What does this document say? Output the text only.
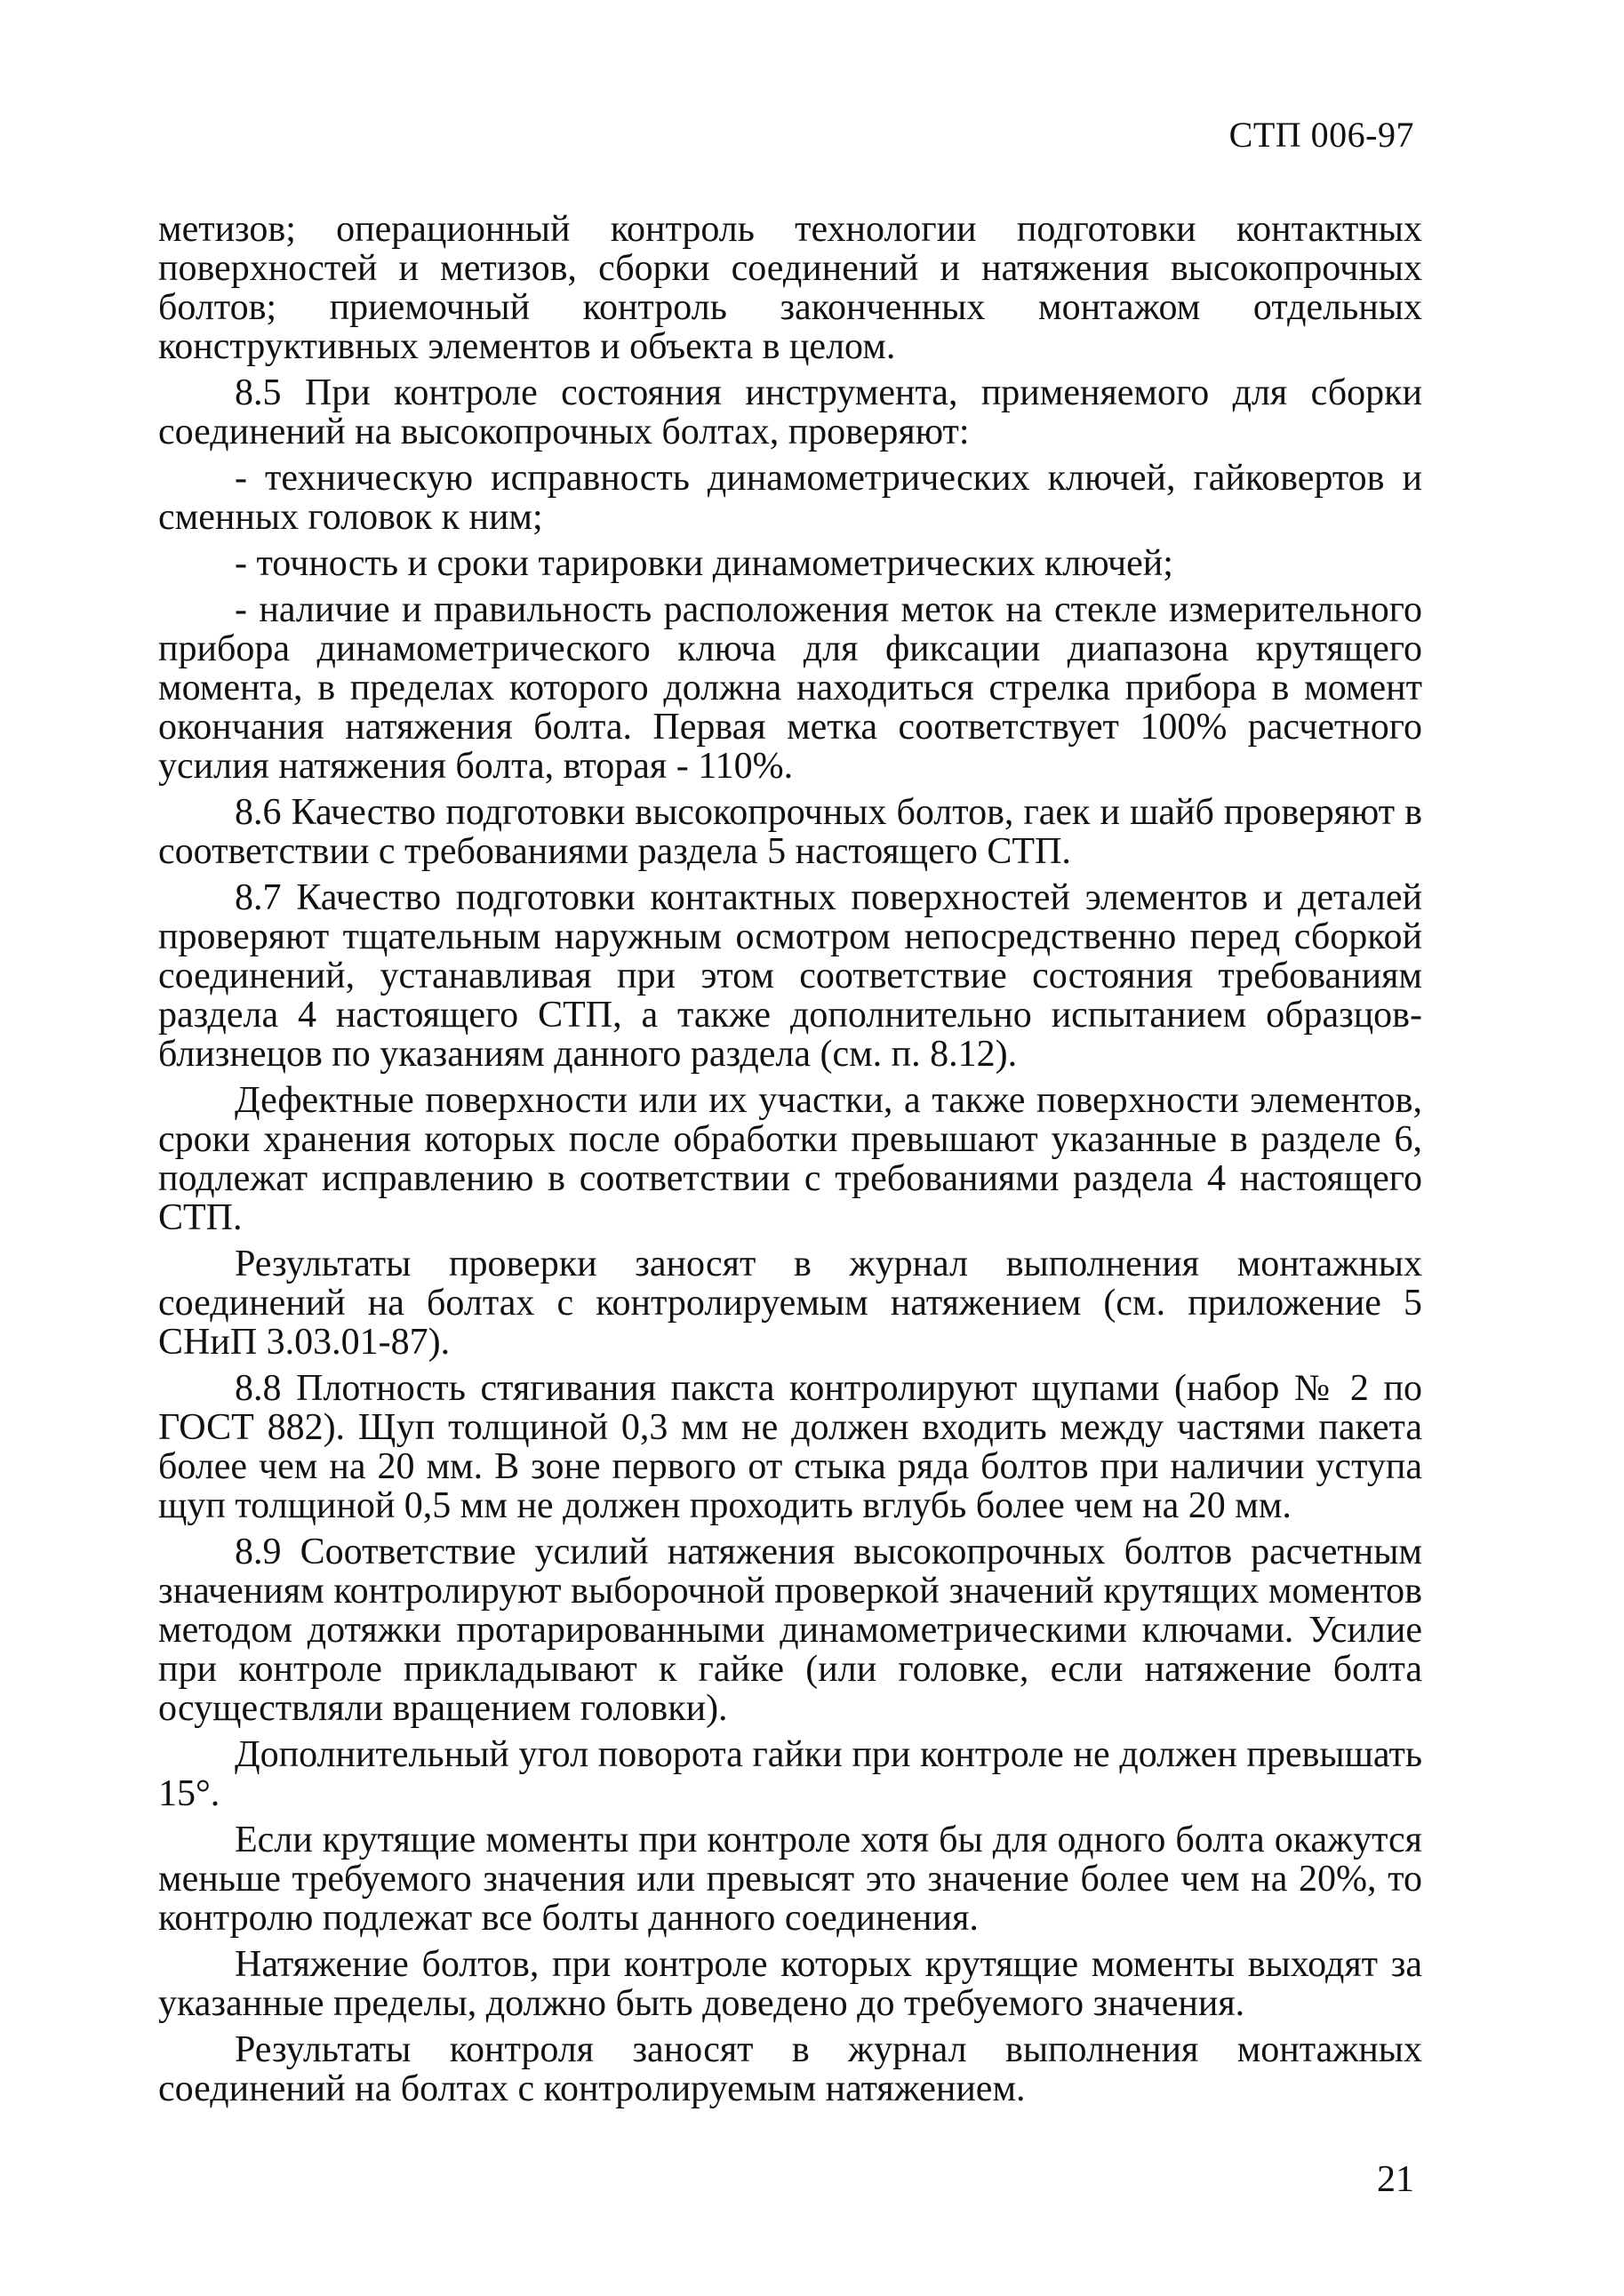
СТП 006-97

метизов; операционный контроль технологии подготовки контактных поверхностей и метизов, сборки соединений и натяжения высокопрочных болтов; приемочный контроль законченных монтажом отдельных конструктивных элементов и объекта в целом.

8.5 При контроле состояния инструмента, применяемого для сборки соединений на высокопрочных болтах, проверяют:

- техническую исправность динамометрических ключей, гайковертов и сменных головок к ним;

- точность и сроки тарировки динамометрических ключей;

- наличие и правильность расположения меток на стекле измерительного прибора динамометрического ключа для фиксации диапазона крутящего момента, в пределах которого должна находиться стрелка прибора в момент окончания натяжения болта. Первая метка соответствует 100% расчетного усилия натяжения болта, вторая - 110%.

8.6 Качество подготовки высокопрочных болтов, гаек и шайб проверяют в соответствии с требованиями раздела 5 настоящего СТП.

8.7 Качество подготовки контактных поверхностей элементов и деталей проверяют тщательным наружным осмотром непосредственно перед сборкой соединений, устанавливая при этом соответствие состояния требованиям раздела 4 настоящего СТП, а также дополнительно испытанием образцов-близнецов по указаниям данного раздела (см. п. 8.12).

Дефектные поверхности или их участки, а также поверхности элементов, сроки хранения которых после обработки превышают указанные в разделе 6, подлежат исправлению в соответствии с требованиями раздела 4 настоящего СТП.

Результаты проверки заносят в журнал выполнения монтажных соединений на болтах с контролируемым натяжением (см. приложение 5 СНиП 3.03.01-87).

8.8 Плотность стягивания пакста контролируют щупами (набор № 2 по ГОСТ 882). Щуп толщиной 0,3 мм не должен входить между частями пакета более чем на 20 мм. В зоне первого от стыка ряда болтов при наличии уступа щуп толщиной 0,5 мм не должен проходить вглубь более чем на 20 мм.

8.9 Соответствие усилий натяжения высокопрочных болтов расчетным значениям контролируют выборочной проверкой значений крутящих моментов методом дотяжки протарированными динамометрическими ключами. Усилие при контроле прикладывают к гайке (или головке, если натяжение болта осуществляли вращением головки).

Дополнительный угол поворота гайки при контроле не должен превышать 15°.

Если крутящие моменты при контроле хотя бы для одного болта окажутся меньше требуемого значения или превысят это значение более чем на 20%, то контролю подлежат все болты данного соединения.

Натяжение болтов, при контроле которых крутящие моменты выходят за указанные пределы, должно быть доведено до требуемого значения.

Результаты контроля заносят в журнал выполнения монтажных соединений на болтах с контролируемым натяжением.

21
